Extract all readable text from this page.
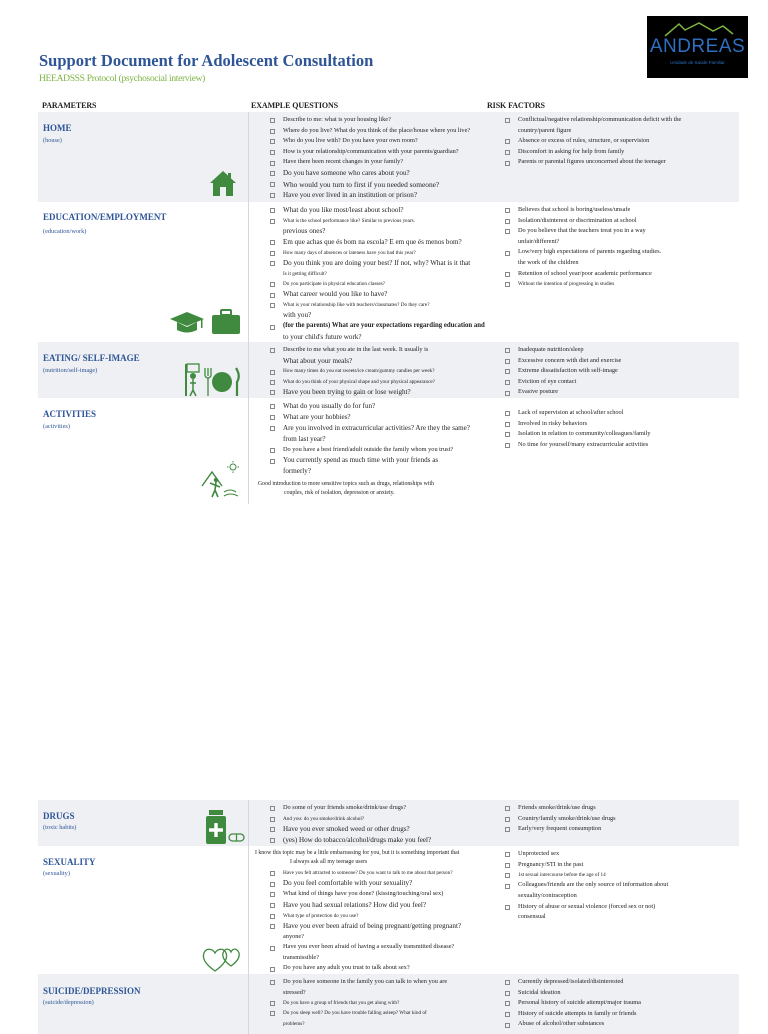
Support Document for Adolescent Consultation
HEEADSSS Protocol (psychosocial interview)
ANDREAS
Unidade de Saúde Familiar
PARAMETERS	EXAMPLE QUESTIONS	RISK FACTORS
HOME
(house)
Describe to me: what is your housing like?
Where do you live? What do you think of the place/house where you live?
Who do you live with? Do you have your own room?
How is your relationship/communication with your parents/guardian?
Have there been recent changes in your family?
Do you have someone who cares about you?
Who would you turn to first if you needed someone?
Have you ever lived in an institution or prison?
Conflictual/negative relationship/communication deficit with the
country/parent figure
Absence or excess of rules, structure, or supervision
Discomfort in asking for help from family
Parents or parental figures unconcerned about the teenager
EDUCATION/EMPLOYMENT
(education/work)
What do you like most/least about school?
What is the school performance like? Similar to previous years.
previous ones?
Em que achas que és bom na escola? E em que és menos bom?
How many days of absences or lateness have you had this year?
Do you think you are doing your best? If not, why? What is it that
Is it getting difficult?
Do you participate in physical education classes?
What career would you like to have?
What is your relationship like with teachers/classmates? Do they care?
with you?
(for the parents) What are your expectations regarding education and
to your child's future work?
Believes that school is boring/useless/unsafe
Isolation/disinterest or discrimination at school
Do you believe that the teachers treat you in a way
unfair/different?
Low/very high expectations of parents regarding studies.
the work of the children
Retention of school year/poor academic performance
Without the intention of progressing in studies
EATING/ SELF-IMAGE
(nutrition/self-image)
Describe to me what you ate in the last week. It usually is
What about your meals?
How many times do you eat sweets/ice cream/gummy candies per week?
What do you think of your physical shape and your physical appearance?
Have you been trying to gain or lose weight?
Inadequate nutrition/sleep
Excessive concern with diet and exercise
Extreme dissatisfaction with self-image
Eviction of eye contact
Evasive posture
ACTIVITIES
(activities)
What do you usually do for fun?
What are your hobbies?
Are you involved in extracurricular activities? Are they the same?
from last year?
Do you have a best friend/adult outside the family whom you trust?
You currently spend as much time with your friends as
formerly?
Good introduction to more sensitive topics such as drugs, relationships with
couples, risk of isolation, depression or anxiety.
Lack of supervision at school/after school
Involved in risky behaviors
Isolation in relation to community/colleagues/family
No time for yourself/many extracurricular activities
DRUGS
(toxic habits)
Do some of your friends smoke/drink/use drugs?
And you: do you smoke/drink alcohol?
Have you ever smoked weed or other drugs?
(yes) How do tobacco/alcohol/drugs make you feel?
Friends smoke/drink/use drugs
Country/family smoke/drink/use drugs
Early/very frequent consumption
SEXUALITY
(sexuality)
I know this topic may be a little embarrassing for you, but it is something important that
I always ask all my teenage users
Have you felt attracted to someone? Do you want to talk to me about that person?
Do you feel comfortable with your sexuality?
What kind of things have you done? (kissing/touching/oral sex)
Have you had sexual relations? How did you feel?
What type of protection do you use?
Have you ever been afraid of being pregnant/getting pregnant?
anyone?
Have you ever been afraid of having a sexually transmitted disease?
transmissible?
Do you have any adult you trust to talk about sex?
Unprotected sex
Pregnancy/STI in the past
1st sexual intercourse before the age of 14
Colleagues/friends are the only source of information about
sexuality/contraception
History of abuse or sexual violence (forced sex or not)
consensual
SUICIDE/DEPRESSION
(suicide/depression)
Do you have someone in the family you can talk to when you are
stressed?
Do you have a group of friends that you get along with?
Do you sleep well? Do you have trouble falling asleep? What kind of
problems?
Currently depressed/isolated/disinterested
Suicidal ideation
Personal history of suicide attempt/major trauma
History of suicide attempts in family or friends
Abuse of alcohol/other substances
